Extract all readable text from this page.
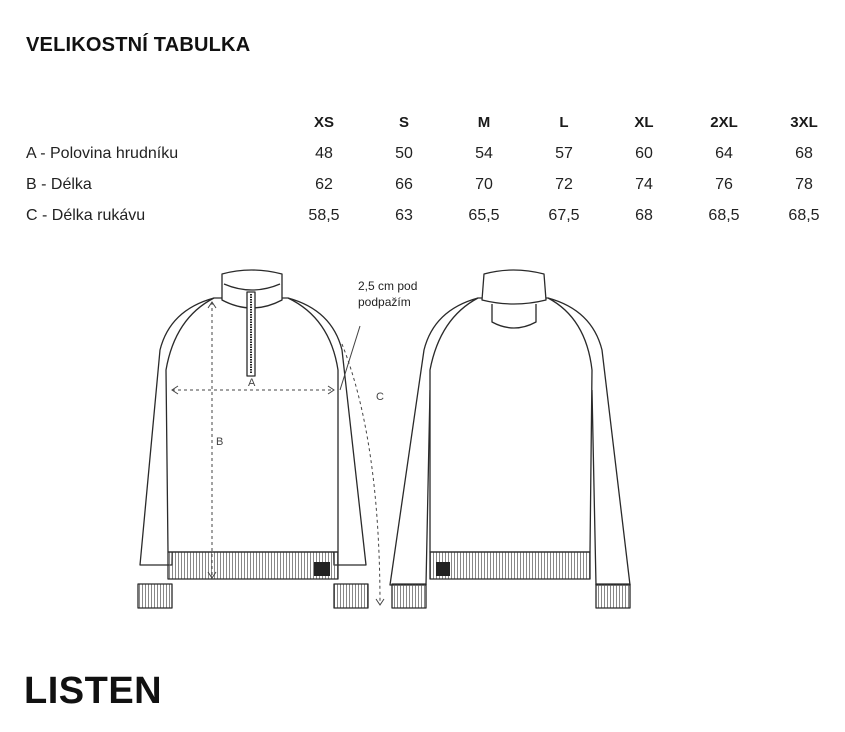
VELIKOSTNÍ TABULKA
	XS	S	M	L	XL	2XL	3XL
A - Polovina hrudníku	48	50	54	57	60	64	68
B - Délka	62	66	70	72	74	76	78
C - Délka rukávu	58,5	63	65,5	67,5	68	68,5	68,5
A
B
C
2,5 cm pod
podpažím
LISTEN
